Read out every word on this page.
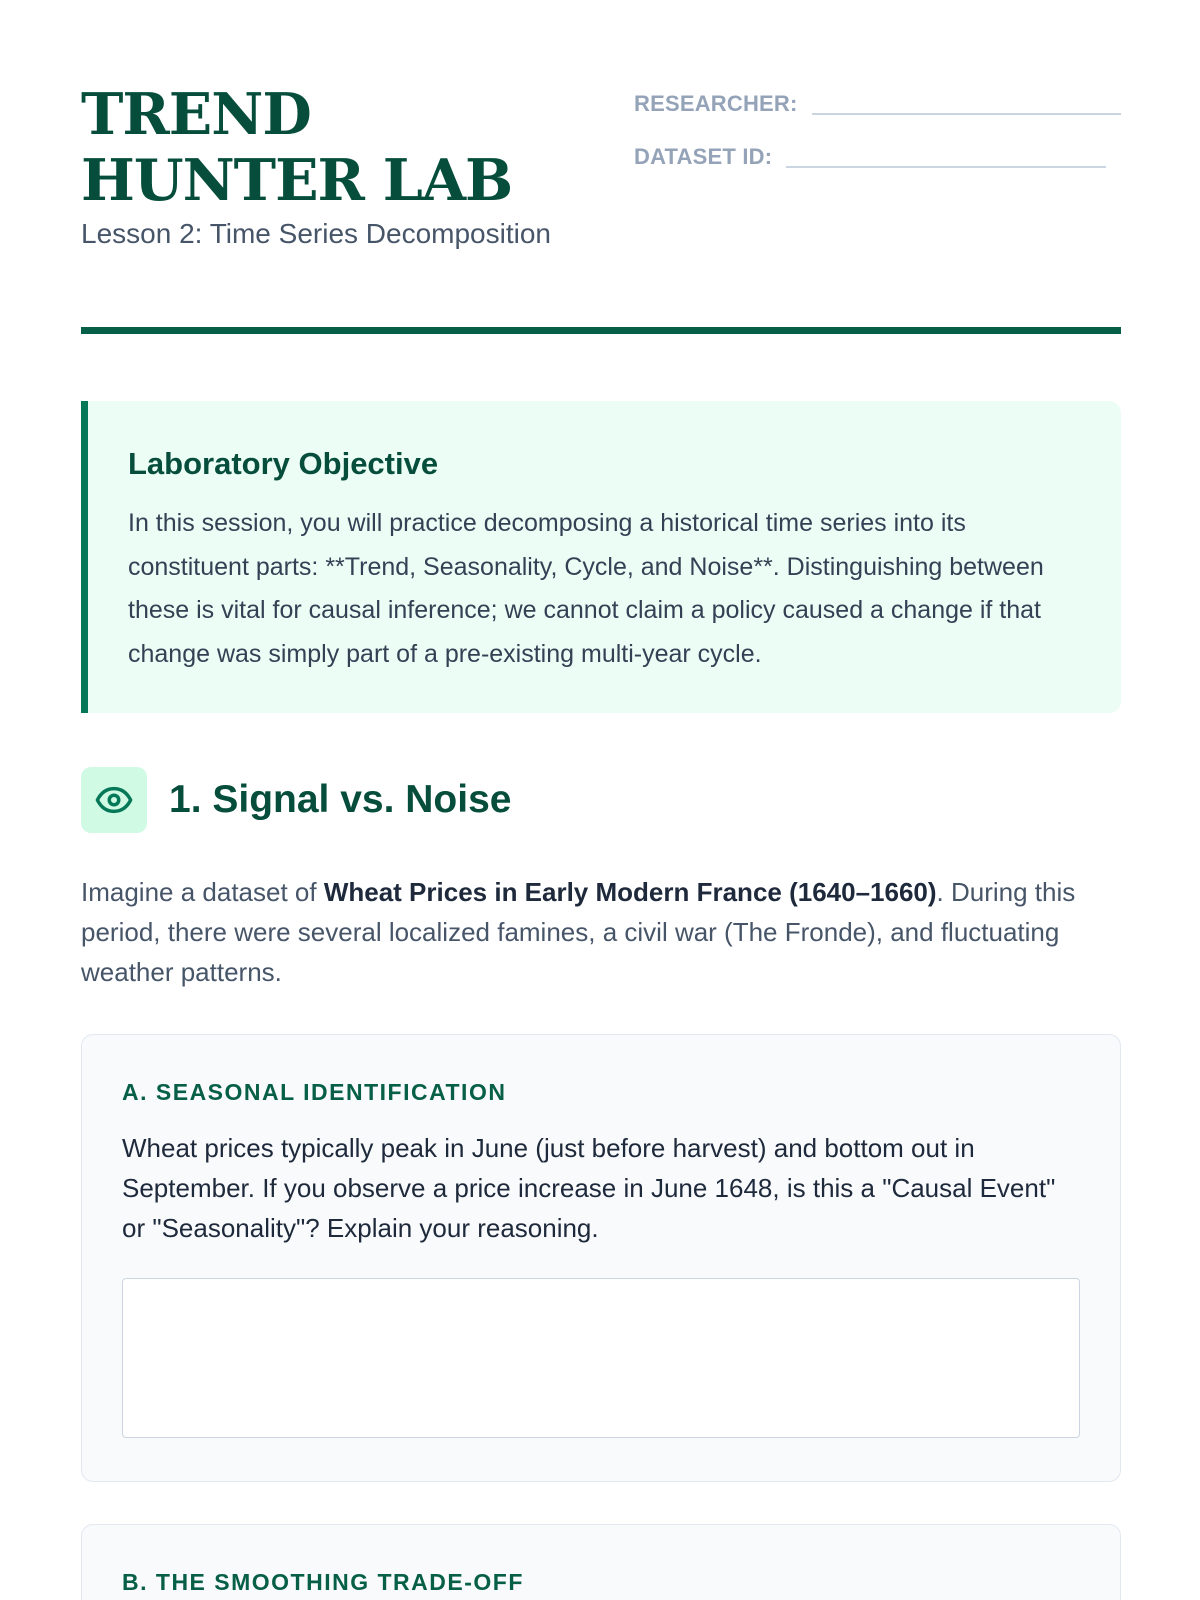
TREND HUNTER LAB
Lesson 2: Time Series Decomposition
RESEARCHER:
DATASET ID:
Laboratory Objective

In this session, you will practice decomposing a historical time series into its constituent parts: **Trend, Seasonality, Cycle, and Noise**. Distinguishing between these is vital for causal inference; we cannot claim a policy caused a change if that change was simply part of a pre-existing multi-year cycle.

1. Signal vs. Noise

Imagine a dataset of Wheat Prices in Early Modern France (1640–1660). During this period, there were several localized famines, a civil war (The Fronde), and fluctuating weather patterns.

A. SEASONAL IDENTIFICATION

Wheat prices typically peak in June (just before harvest) and bottom out in September. If you observe a price increase in June 1648, is this a "Causal Event" or "Seasonality"? Explain your reasoning.

B. THE SMOOTHING TRADE-OFF
